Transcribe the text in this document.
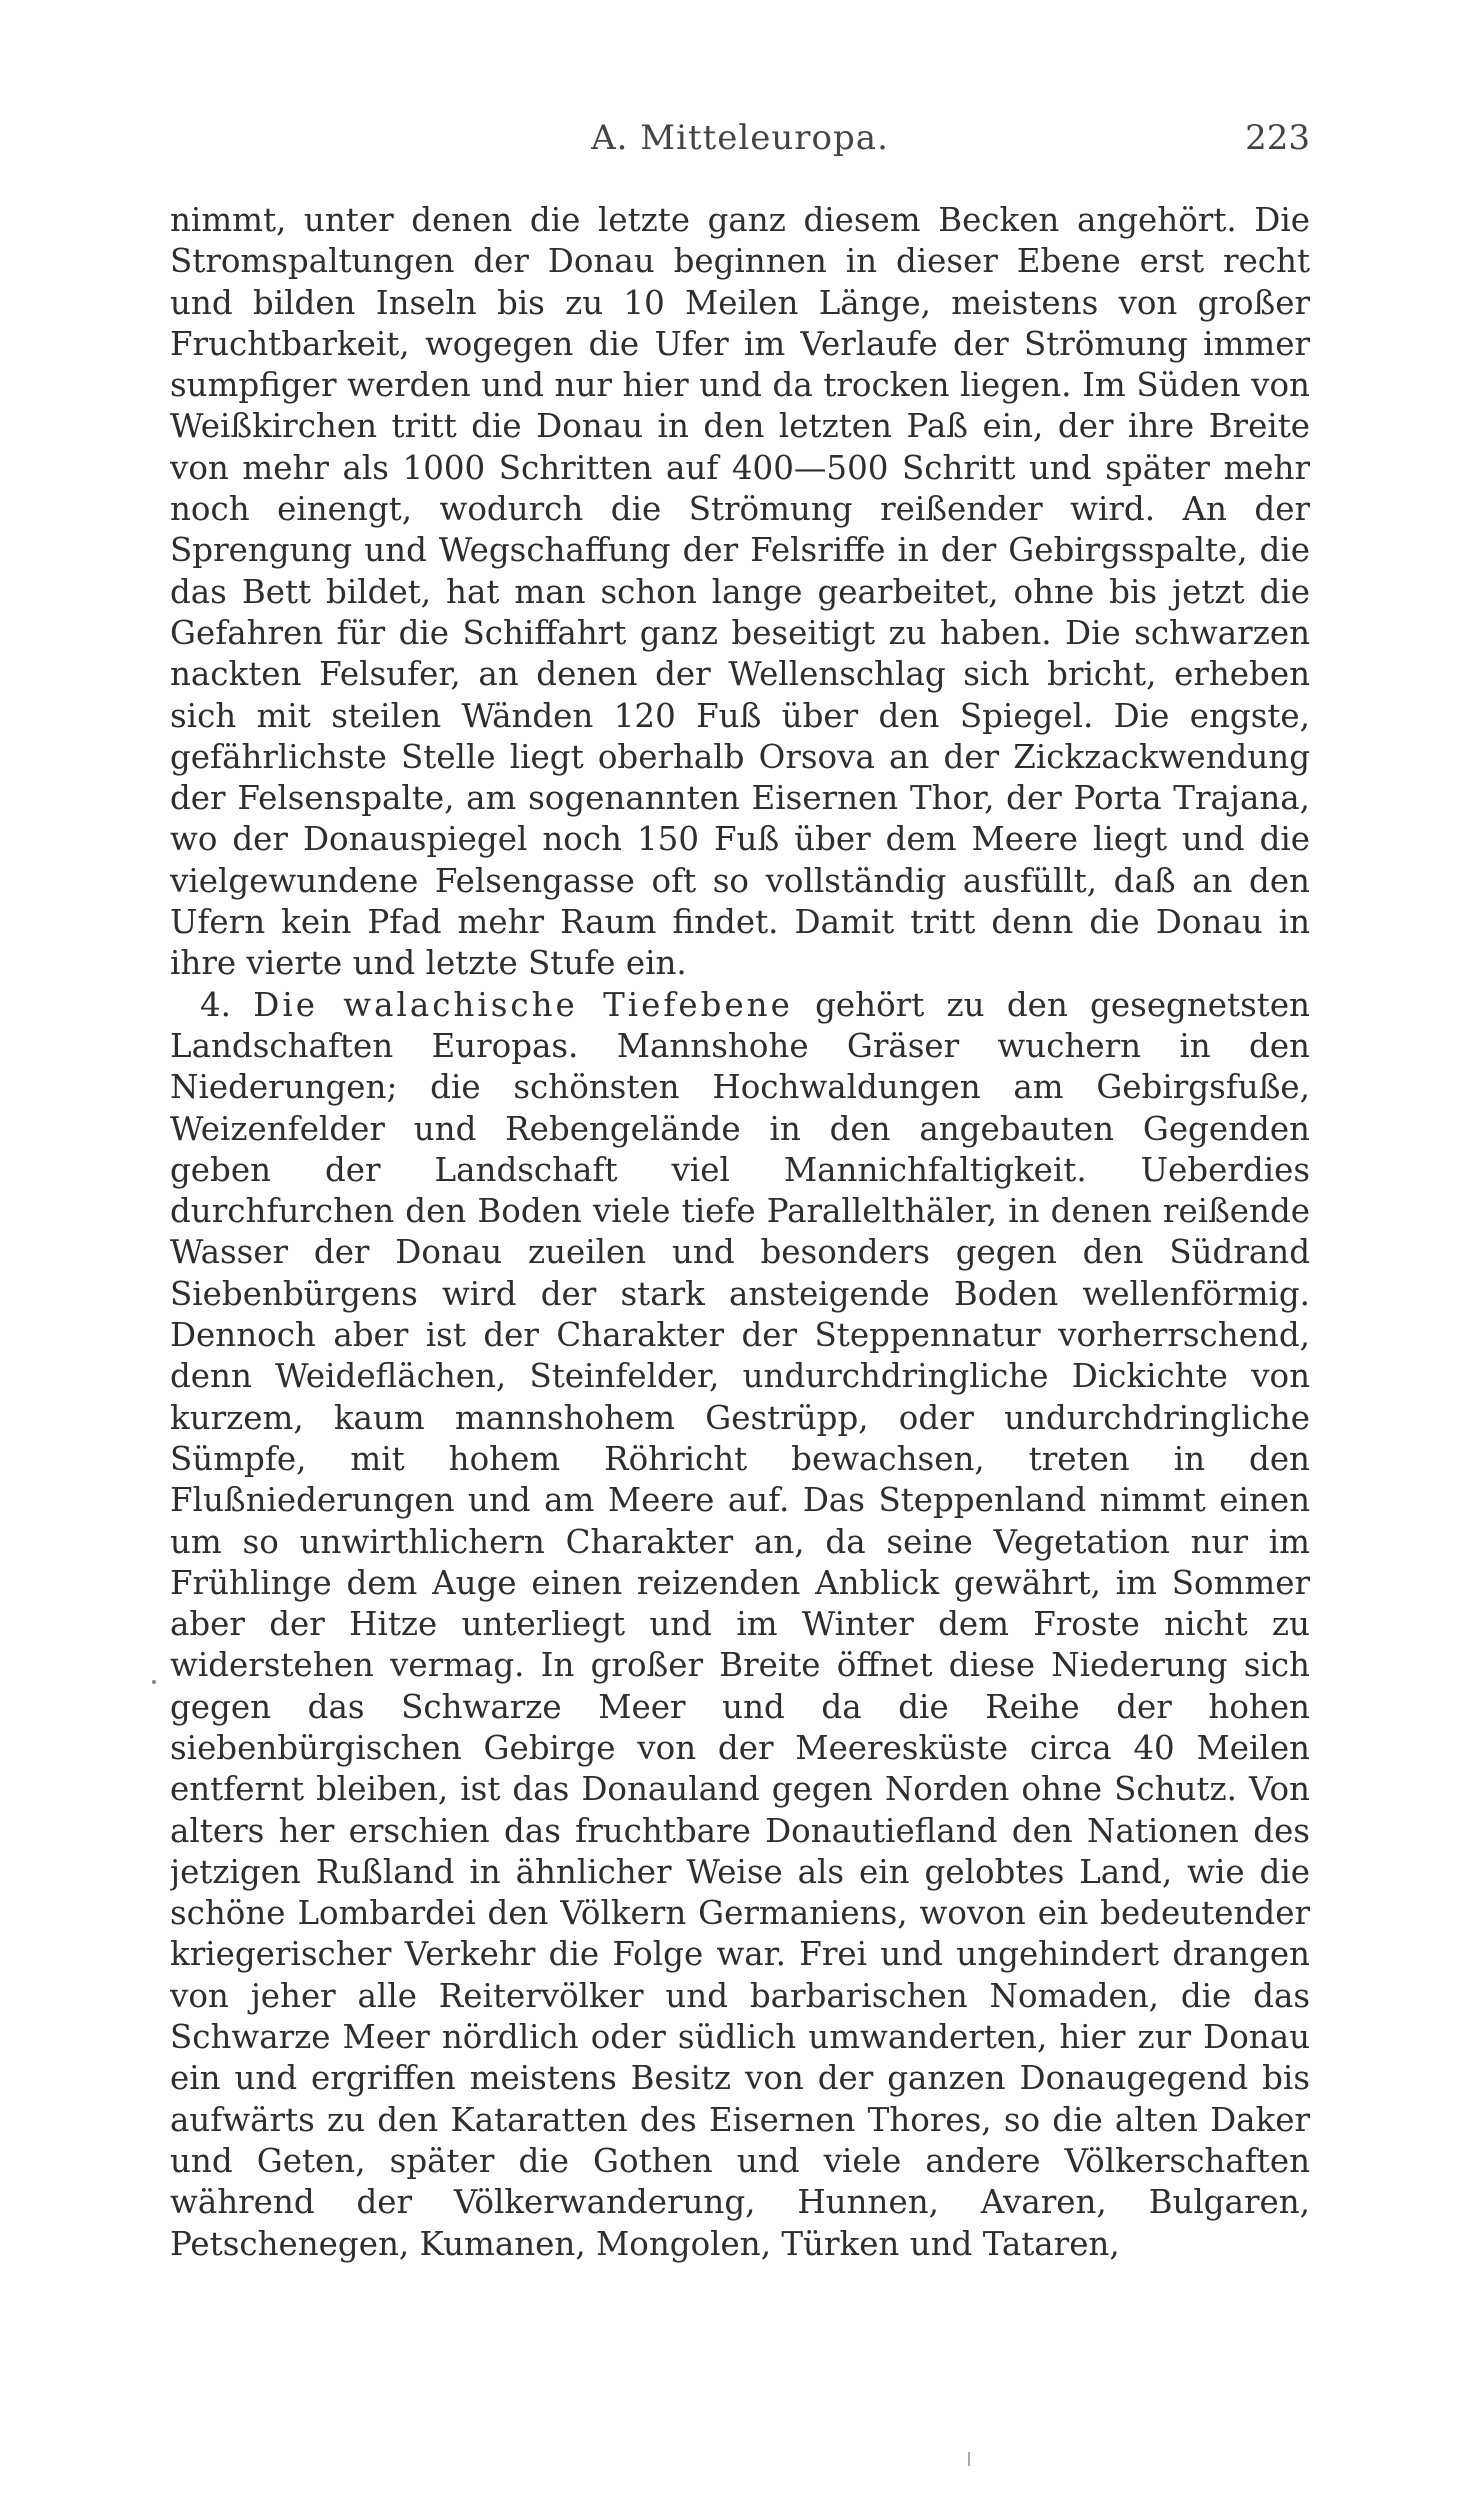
A. Mitteleuropa.	223

nimmt, unter denen die letzte ganz diesem Becken angehört. Die Stromspaltungen der Donau beginnen in dieser Ebene erst recht und bilden Inseln bis zu 10 Meilen Länge, meistens von großer Fruchtbarkeit, wogegen die Ufer im Verlaufe der Strömung immer sumpfiger werden und nur hier und da trocken liegen. Im Süden von Weißkirchen tritt die Donau in den letzten Paß ein, der ihre Breite von mehr als 1000 Schritten auf 400—500 Schritt und später mehr noch einengt, wodurch die Strömung reißender wird. An der Sprengung und Wegschaffung der Felsriffe in der Gebirgsspalte, die das Bett bildet, hat man schon lange gearbeitet, ohne bis jetzt die Gefahren für die Schiffahrt ganz beseitigt zu haben. Die schwarzen nackten Felsufer, an denen der Wellenschlag sich bricht, erheben sich mit steilen Wänden 120 Fuß über den Spiegel. Die engste, gefährlichste Stelle liegt oberhalb Orsova an der Zickzackwendung der Felsenspalte, am sogenannten Eisernen Thor, der Porta Trajana, wo der Donauspiegel noch 150 Fuß über dem Meere liegt und die vielgewundene Felsengasse oft so vollständig ausfüllt, daß an den Ufern kein Pfad mehr Raum findet. Damit tritt denn die Donau in ihre vierte und letzte Stufe ein.

4. Die walachische Tiefebene gehört zu den gesegnetsten Landschaften Europas. Mannshohe Gräser wuchern in den Niederungen; die schönsten Hochwaldungen am Gebirgsfuße, Weizenfelder und Rebengeländе in den angebauten Gegenden geben der Landschaft viel Mannichfaltigkeit. Ueberdies durchfurchen den Boden viele tiefe Parallelthäler, in denen reißende Wasser der Donau zueilen und besonders gegen den Südrand Siebenbürgens wird der stark ansteigende Boden wellenförmig. Dennoch aber ist der Charakter der Steppennatur vorherrschend, denn Weideflächen, Steinfelder, undurchdringliche Dickichte von kurzem, kaum mannshohem Gestrüpp, oder undurchdringliche Sümpfe, mit hohem Röhricht bewachsen, treten in den Flußniederungen und am Meere auf. Das Steppenland nimmt einen um so unwirthlichern Charakter an, da seine Vegetation nur im Frühlinge dem Auge einen reizenden Anblick gewährt, im Sommer aber der Hitze unterliegt und im Winter dem Froste nicht zu widerstehen vermag. In großer Breite öffnet diese Niederung sich gegen das Schwarze Meer und da die Reihe der hohen siebenbürgischen Gebirge von der Meeresküste circa 40 Meilen entfernt bleiben, ist das Donauland gegen Norden ohne Schutz. Von alters her erschien das fruchtbare Donautiefland den Nationen des jetzigen Rußland in ähnlicher Weise als ein gelobtes Land, wie die schöne Lombardei den Völkern Germaniens, wovon ein bedeutender kriegerischer Verkehr die Folge war. Frei und ungehindert drangen von jeher alle Reitervölker und barbarischen Nomaden, die das Schwarze Meer nördlich oder südlich umwanderten, hier zur Donau ein und ergriffen meistens Besitz von der ganzen Donaugegend bis aufwärts zu den Kataratten des Eisernen Thores, so die alten Daker und Geten, später die Gothen und viele andere Völkerschaften während der Völkerwanderung, Hunnen, Avaren, Bulgaren, Petschenegen, Kumanen, Mongolen, Türken und Tataren,
